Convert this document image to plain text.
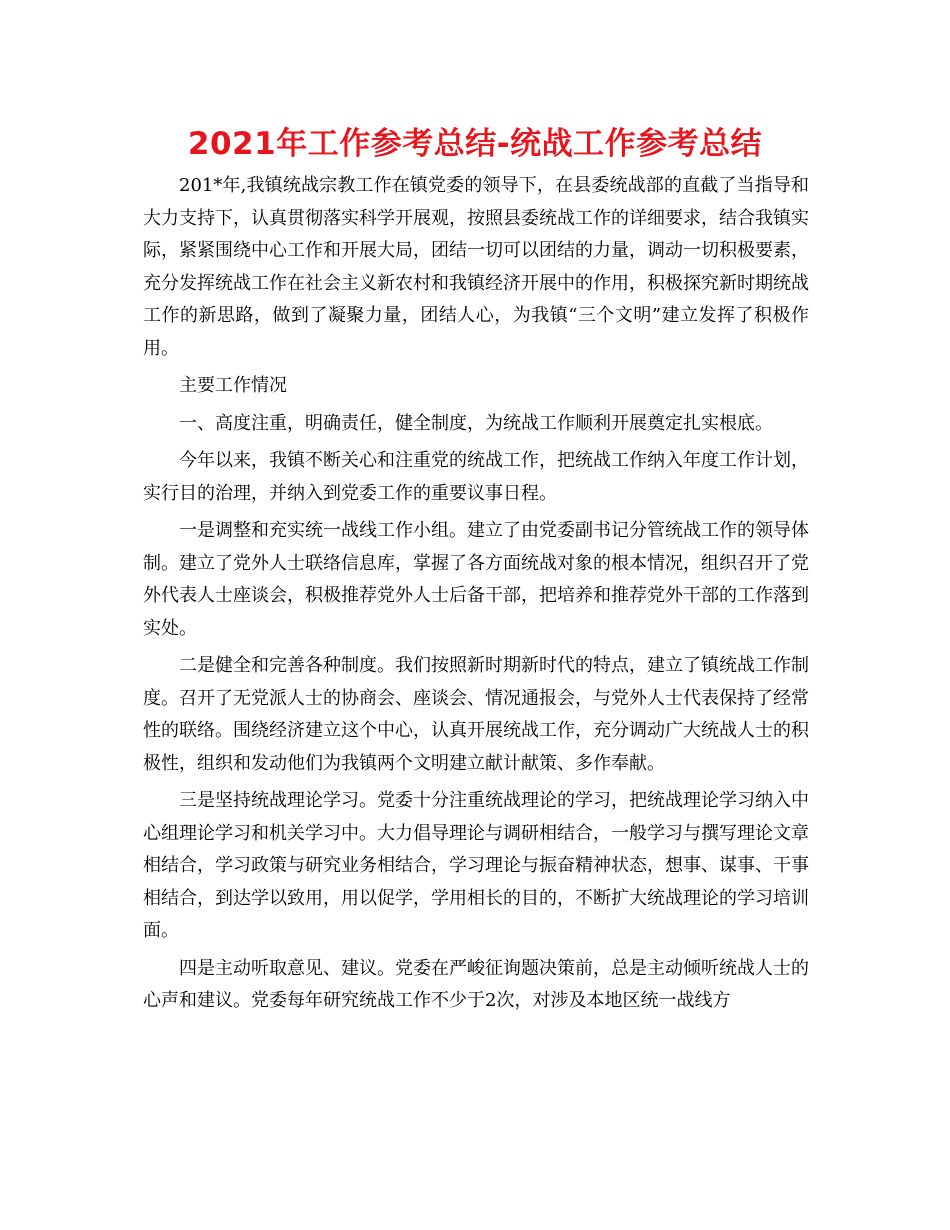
2021年工作参考总结-统战工作参考总结

201*年,我镇统战宗教工作在镇党委的领导下，在县委统战部的直截了当指导和大力支持下，认真贯彻落实科学开展观，按照县委统战工作的详细要求，结合我镇实际，紧紧围绕中心工作和开展大局，团结一切可以团结的力量，调动一切积极要素，充分发挥统战工作在社会主义新农村和我镇经济开展中的作用，积极探究新时期统战工作的新思路，做到了凝聚力量，团结人心，为我镇“三个文明”建立发挥了积极作用。

主要工作情况

一、高度注重，明确责任，健全制度，为统战工作顺利开展奠定扎实根底。

今年以来，我镇不断关心和注重党的统战工作，把统战工作纳入年度工作计划，实行目的治理，并纳入到党委工作的重要议事日程。

一是调整和充实统一战线工作小组。建立了由党委副书记分管统战工作的领导体制。建立了党外人士联络信息库，掌握了各方面统战对象的根本情况，组织召开了党外代表人士座谈会，积极推荐党外人士后备干部，把培养和推荐党外干部的工作落到实处。

二是健全和完善各种制度。我们按照新时期新时代的特点，建立了镇统战工作制度。召开了无党派人士的协商会、座谈会、情况通报会，与党外人士代表保持了经常性的联络。围绕经济建立这个中心，认真开展统战工作，充分调动广大统战人士的积极性，组织和发动他们为我镇两个文明建立献计献策、多作奉献。

三是坚持统战理论学习。党委十分注重统战理论的学习，把统战理论学习纳入中心组理论学习和机关学习中。大力倡导理论与调研相结合，一般学习与撰写理论文章相结合，学习政策与研究业务相结合，学习理论与振奋精神状态，想事、谋事、干事相结合，到达学以致用，用以促学，学用相长的目的，不断扩大统战理论的学习培训面。

四是主动听取意见、建议。党委在严峻征询题决策前，总是主动倾听统战人士的心声和建议。党委每年研究统战工作不少于2次，对涉及本地区统一战线方
